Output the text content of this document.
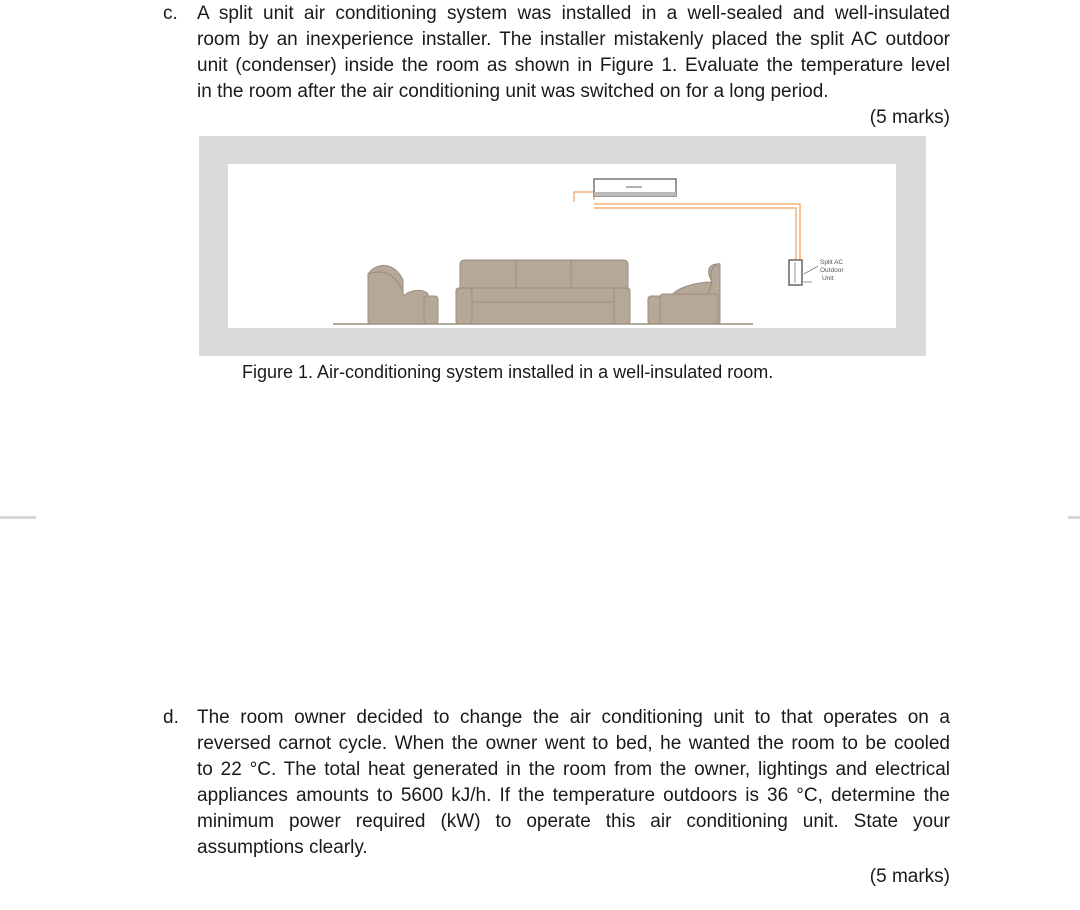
c. A split unit air conditioning system was installed in a well-sealed and well-insulated
room by an inexperience installer. The installer mistakenly placed the split AC outdoor
unit (condenser) inside the room as shown in Figure 1. Evaluate the temperature level
in the room after the air conditioning unit was switched on for a long period.
(5 marks)
Split AC
Outdoor
Unit
Figure 1. Air-conditioning system installed in a well-insulated room.
d. The room owner decided to change the air conditioning unit to that operates on a
reversed carnot cycle. When the owner went to bed, he wanted the room to be cooled
to 22 °C. The total heat generated in the room from the owner, lightings and electrical
appliances amounts to 5600 kJ/h. If the temperature outdoors is 36 °C, determine the
minimum power required (kW) to operate this air conditioning unit. State your
assumptions clearly.
(5 marks)
